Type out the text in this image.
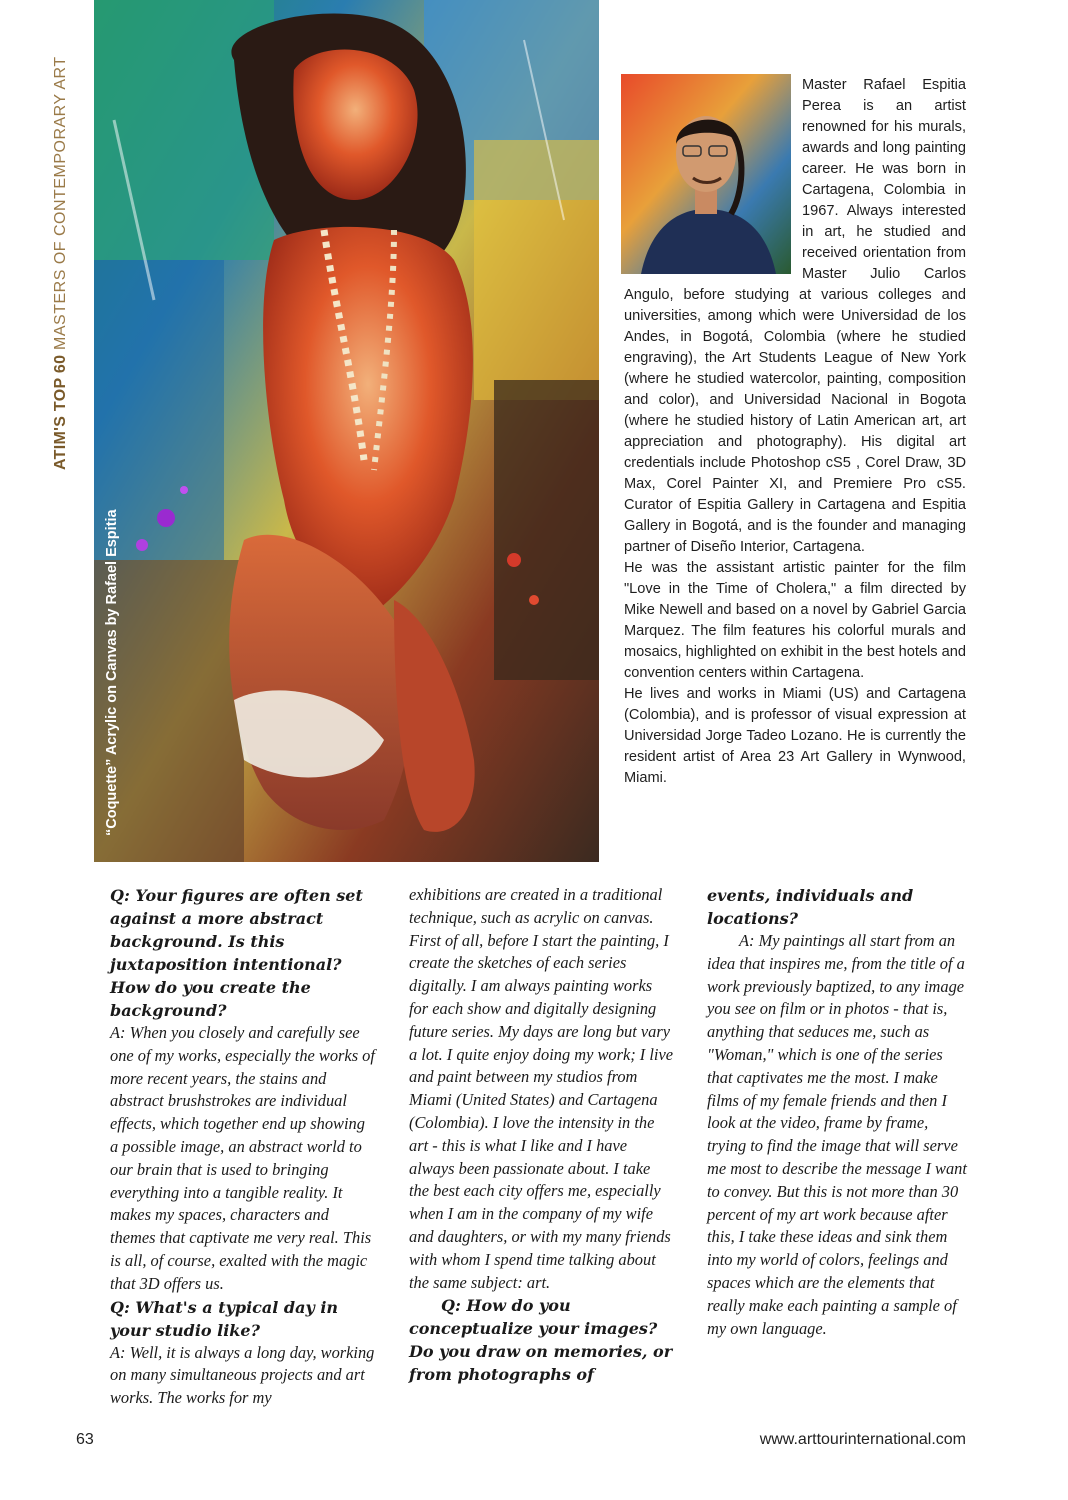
ATIM'S TOP 60 MASTERS OF CONTEMPORARY ART
“Coquette” Acrylic on Canvas by Rafael Espitia

Master Rafael Espitia Perea is an artist renowned for his murals, awards and long painting career. He was born in Cartagena, Colombia in 1967. Always interested in art, he studied and received orientation from Master Julio Carlos Angulo, before studying at various colleges and universities, among which were Universidad de los Andes, in Bogotá, Colombia (where he studied engraving), the Art Students League of New York (where he studied watercolor, painting, composition and color), and Universidad Nacional in Bogota (where he studied history of Latin American art, art appreciation and photography). His digital art credentials include Photoshop cS5 , Corel Draw, 3D Max, Corel Painter XI, and Premiere Pro cS5. Curator of Espitia Gallery in Cartagena and Espitia Gallery in Bogotá, and is the founder and managing partner of Diseño Interior, Cartagena.

He was the assistant artistic painter for the film "Love in the Time of Cholera," a film directed by Mike Newell and based on a novel by Gabriel Garcia Marquez. The film features his colorful murals and mosaics, highlighted on exhibit in the best hotels and convention centers within Cartagena.

He lives and works in Miami (US) and Cartagena (Colombia), and is professor of visual expression at Universidad Jorge Tadeo Lozano. He is currently the resident artist of Area 23 Art Gallery in Wynwood, Miami.

Q: Your figures are often set against a more abstract background. Is this juxtaposition intentional? How do you create the background?

A: When you closely and carefully see one of my works, especially the works of more recent years, the stains and abstract brushstrokes are individual effects, which together end up showing a possible image, an abstract world to our brain that is used to bringing everything into a tangible reality. It makes my spaces, characters and themes that captivate me very real. This is all, of course, exalted with the magic that 3D offers us.

Q: What's a typical day in your studio like?

A: Well, it is always a long day, working on many simultaneous projects and art works. The works for my

exhibitions are created in a traditional technique, such as acrylic on canvas. First of all, before I start the painting, I create the sketches of each series digitally. I am always painting works for each show and digitally designing future series. My days are long but vary a lot. I quite enjoy doing my work; I live and paint between my studios from Miami (United States) and Cartagena (Colombia). I love the intensity in the art - this is what I like and I have always been passionate about. I take the best each city offers me, especially when I am in the company of my wife and daughters, or with my many friends with whom I spend time talking about the same subject: art.

Q: How do you conceptualize your images? Do you draw on memories, or from photographs of

events, individuals and locations?

A: My paintings all start from an idea that inspires me, from the title of a work previously baptized, to any image you see on film or in photos - that is, anything that seduces me, such as "Woman," which is one of the series that captivates me the most. I make films of my female friends and then I look at the video, frame by frame, trying to find the image that will serve me most to describe the message I want to convey. But this is not more than 30 percent of my art work because after this, I take these ideas and sink them into my world of colors, feelings and spaces which are the elements that really make each painting a sample of my own language.

63	www.arttourinternational.com
